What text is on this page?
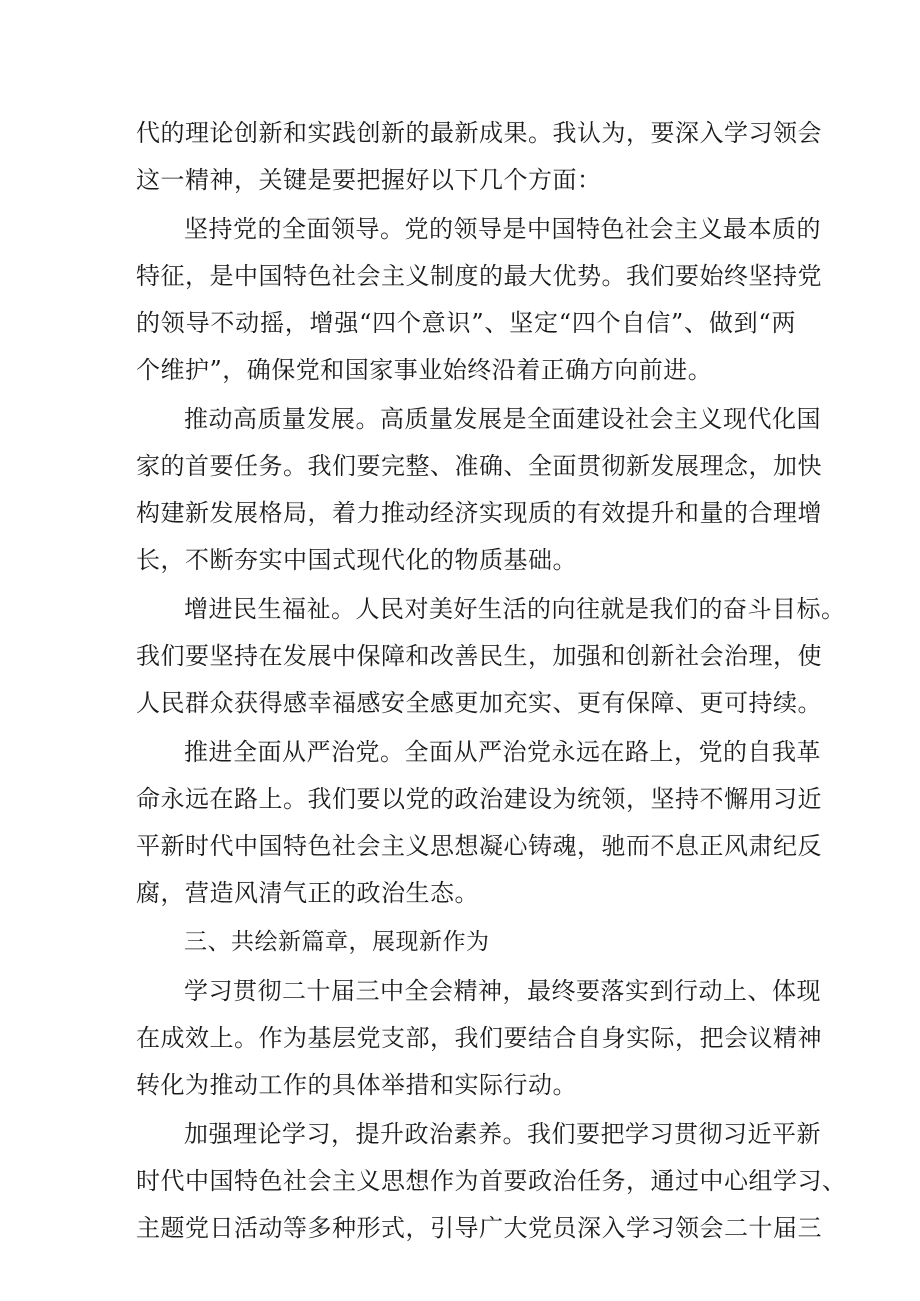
代的理论创新和实践创新的最新成果。我认为，要深入学习领会
这一精神，关键是要把握好以下几个方面：
坚持党的全面领导。党的领导是中国特色社会主义最本质的
特征，是中国特色社会主义制度的最大优势。我们要始终坚持党
的领导不动摇，增强“四个意识”、坚定“四个自信”、做到“两
个维护”，确保党和国家事业始终沿着正确方向前进。
推动高质量发展。高质量发展是全面建设社会主义现代化国
家的首要任务。我们要完整、准确、全面贯彻新发展理念，加快
构建新发展格局，着力推动经济实现质的有效提升和量的合理增
长，不断夯实中国式现代化的物质基础。
增进民生福祉。人民对美好生活的向往就是我们的奋斗目标。
我们要坚持在发展中保障和改善民生，加强和创新社会治理，使
人民群众获得感幸福感安全感更加充实、更有保障、更可持续。
推进全面从严治党。全面从严治党永远在路上，党的自我革
命永远在路上。我们要以党的政治建设为统领，坚持不懈用习近
平新时代中国特色社会主义思想凝心铸魂，驰而不息正风肃纪反
腐，营造风清气正的政治生态。
三、共绘新篇章，展现新作为
学习贯彻二十届三中全会精神，最终要落实到行动上、体现
在成效上。作为基层党支部，我们要结合自身实际，把会议精神
转化为推动工作的具体举措和实际行动。
加强理论学习，提升政治素养。我们要把学习贯彻习近平新
时代中国特色社会主义思想作为首要政治任务，通过中心组学习、
主题党日活动等多种形式，引导广大党员深入学习领会二十届三
